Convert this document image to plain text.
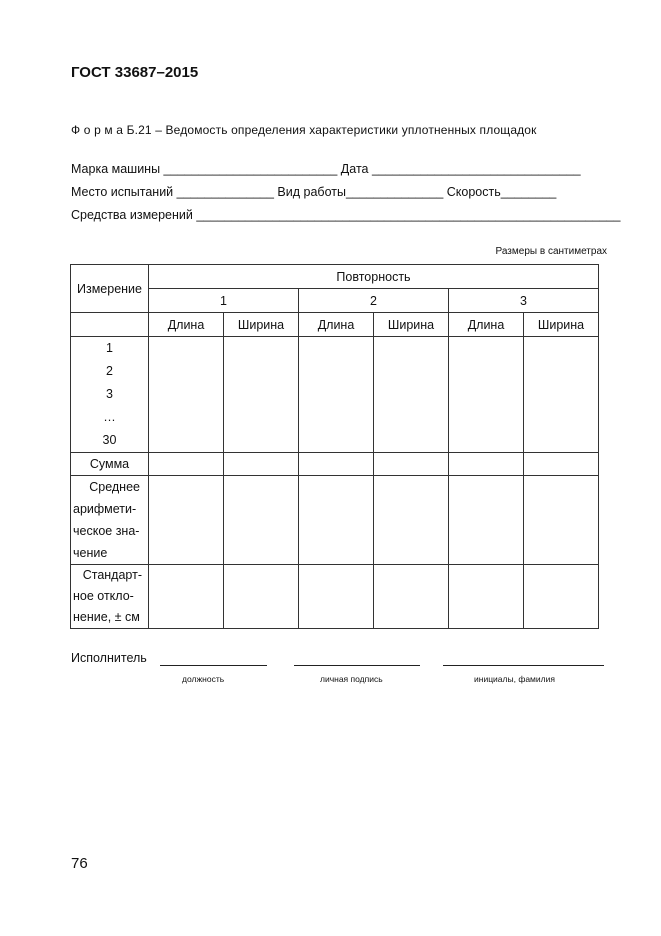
ГОСТ 33687–2015
Ф о р м а Б.21 – Ведомость определения характеристики уплотненных площадок
Марка машины _________________________ Дата ______________________________
Место испытаний ______________ Вид работы______________ Скорость________
Средства измерений _____________________________________________________________
Размеры в сантиметрах
Измерение	Повторность					
	1		2		3	
	Длина	Ширина	Длина	Ширина	Длина	Ширина

1
2
3
…
30						

Сумма						

Среднее
арифмети-
ческое зна-
чение						

Стандарт-
ное откло-
нение, ± см						

Исполнитель
должность	личная подпись	инициалы, фамилия
76
